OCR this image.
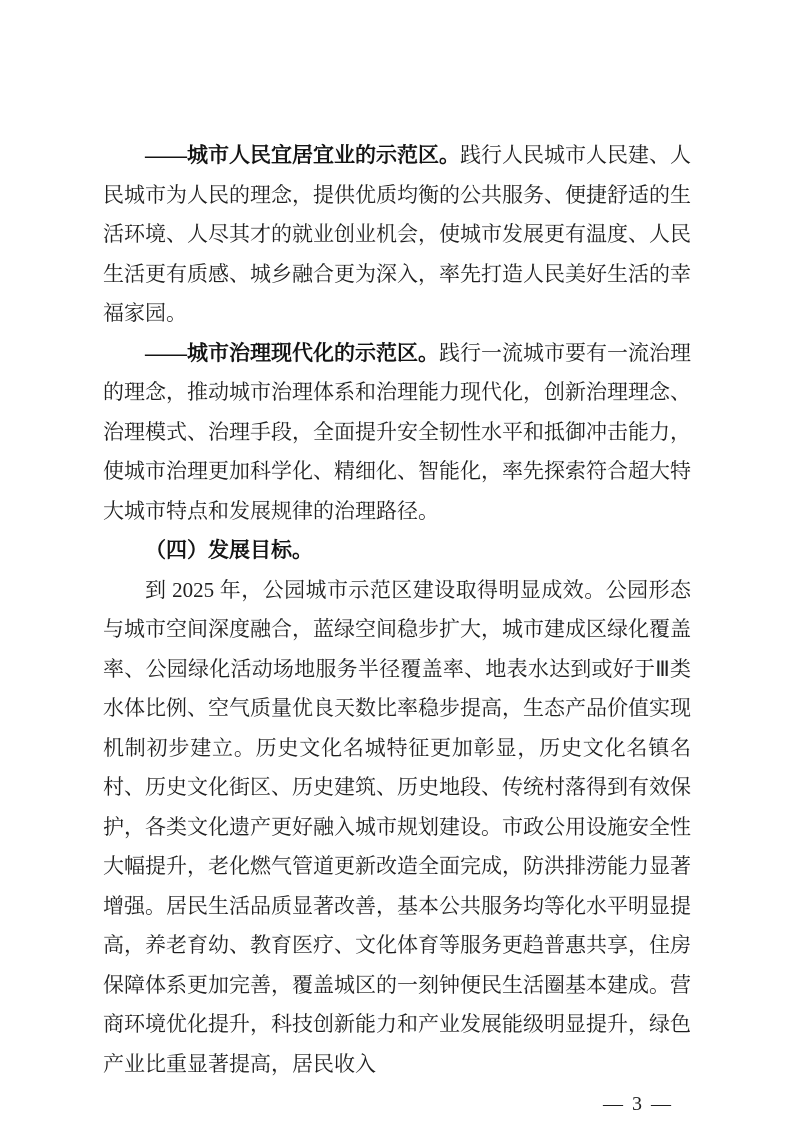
——城市人民宜居宜业的示范区。践行人民城市人民建、人民城市为人民的理念，提供优质均衡的公共服务、便捷舒适的生活环境、人尽其才的就业创业机会，使城市发展更有温度、人民生活更有质感、城乡融合更为深入，率先打造人民美好生活的幸福家园。

——城市治理现代化的示范区。践行一流城市要有一流治理的理念，推动城市治理体系和治理能力现代化，创新治理理念、治理模式、治理手段，全面提升安全韧性水平和抵御冲击能力，使城市治理更加科学化、精细化、智能化，率先探索符合超大特大城市特点和发展规律的治理路径。

（四）发展目标。

到 2025 年，公园城市示范区建设取得明显成效。公园形态与城市空间深度融合，蓝绿空间稳步扩大，城市建成区绿化覆盖率、公园绿化活动场地服务半径覆盖率、地表水达到或好于Ⅲ类水体比例、空气质量优良天数比率稳步提高，生态产品价值实现机制初步建立。历史文化名城特征更加彰显，历史文化名镇名村、历史文化街区、历史建筑、历史地段、传统村落得到有效保护，各类文化遗产更好融入城市规划建设。市政公用设施安全性大幅提升，老化燃气管道更新改造全面完成，防洪排涝能力显著增强。居民生活品质显著改善，基本公共服务均等化水平明显提高，养老育幼、教育医疗、文化体育等服务更趋普惠共享，住房保障体系更加完善，覆盖城区的一刻钟便民生活圈基本建成。营商环境优化提升，科技创新能力和产业发展能级明显提升，绿色产业比重显著提高，居民收入

— 3 —
